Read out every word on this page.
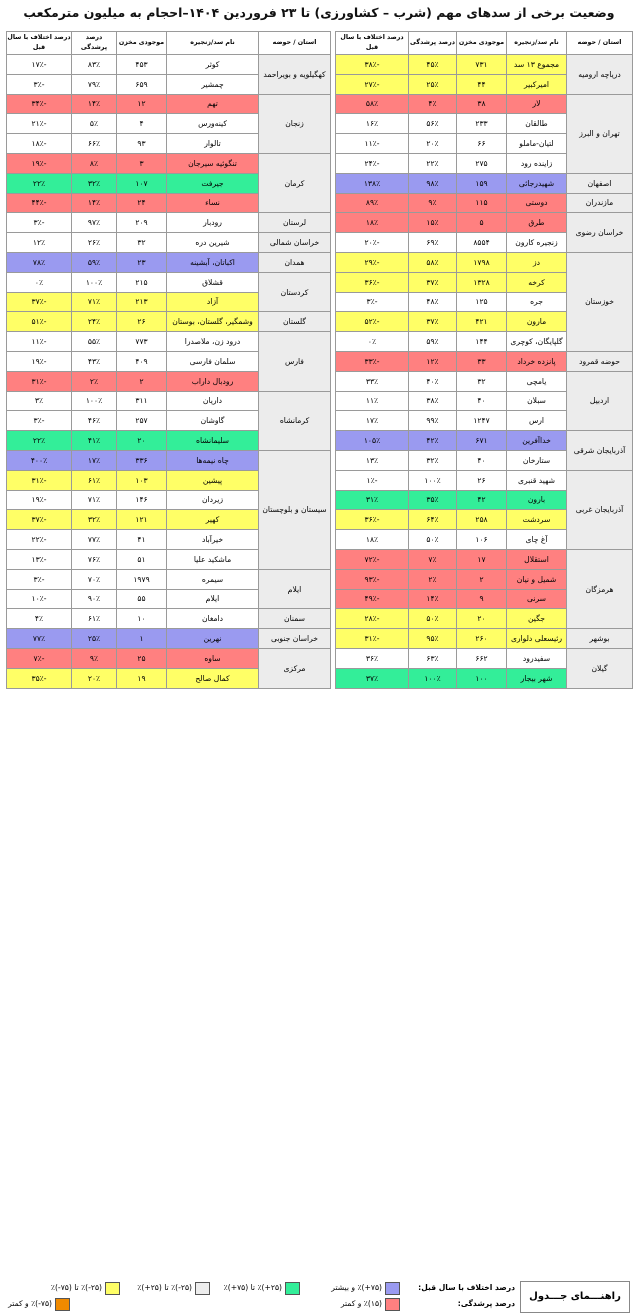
وضعیت برخی از سدهای مهم (شرب – کشاورزی) تا ۲۳ فروردین ۱۴۰۴–احجام به میلیون مترمکعب
استان / حوضه	نام سد/زنجیره	موجودی مخزن	درصد پرشدگی	درصد اختلاف با سال قبل
دریاچه ارومیه	مجموع ۱۳ سد	۷۳۱	۴۵٪	-۳۸٪
	امیرکبیر	۴۴	۲۵٪	-۲۷٪
تهران و البرز	لار	۳۸	۴٪	۵۸٪
	طالقان	۲۳۳	۵۶٪	۱۶٪
	لتیان-ماملو	۶۶	۲۰٪	-۱۱٪
	زاینده رود	۲۷۵	۲۲٪	-۲۴٪
اصفهان	شهیدرجائی	۱۵۹	۹۸٪	۱۳۸٪
مازندران	دوستی	۱۱۵	۹٪	۸۹٪
خراسان رضوی	طرق	۵	۱۵٪	۱۸٪
	زنجیره کارون	۸۵۵۴	۶۹٪	-۲۰٪
خوزستان	دز	۱۷۹۸	۵۸٪	-۲۹٪
	کرخه	۱۳۲۸	۳۷٪	-۳۶٪
	جره	۱۲۵	۴۸٪	-۳٪
	مارون	۴۲۱	۳۷٪	-۵۲٪
	گلپایگان، کوچری	۱۴۴	۵۹٪	۰٪
حوضه قمرود	پانزده خرداد	۳۳	۱۲٪	-۳۳٪
اردبیل	یامچی	۳۲	۴۰٪	۳۳٪
	سبلان	۴۰	۳۸٪	۱۱٪
	ارس	۱۲۴۷	۹۹٪	۱۷٪
آذربایجان شرقی	خداآفرین	۶۷۱	۴۲٪	۱۰۵٪
	ستارخان	۴۰	۳۲٪	۱۳٪
آذربایجان غربی	شهید قنبری	۲۶	۱۰۰٪	-۱٪
	بارون	۴۲	۳۵٪	۳۱٪
	سردشت	۲۵۸	۶۴٪	-۳۶٪
	آغ چای	۱۰۶	۵۰٪	۱۸٪
هرمزگان	استقلال	۱۷	۷٪	-۷۲٪
	شمیل و نیان	۲	۲٪	-۹۳٪
	سرنی	۹	۱۴٪	-۴۹٪
	جگین	۲۰	۵۰٪	-۲۸٪
بوشهر	رئیسعلی دلواری	۲۶۰	۹۵٪	-۳۱٪
گیلان	سفیدرود	۶۶۲	۶۳٪	۳۶٪
	شهر بیجار	۱۰۰	۱۰۰٪	۳۷٪
استان / حوضه	نام سد/زنجیره	موجودی مخزن	درصد پرشدگی	درصد اختلاف با سال قبل
کهگیلویه و بویراحمد	کوثر	۴۵۳	۸۳٪	-۱۷٪
	چمشیر	۶۵۹	۷۹٪	-۳٪
زنجان	تهم	۱۲	۱۴٪	-۳۴٪
	کینه‌ورس	۴	۵٪	-۲۱٪
	تالوار	۹۳	۶۶٪	-۱۸٪
کرمان	تنگوئیه سیرجان	۳	۸٪	-۱۹٪
	جیرفت	۱۰۷	۳۲٪	۲۲٪
	نساء	۲۴	۱۴٪	-۴۴٪
لرستان	رودبار	۲۰۹	۹۷٪	-۳٪
خراسان شمالی	شیرین دره	۳۲	۲۶٪	۱۲٪
همدان	اکباتان، آبشینه	۲۳	۵۹٪	۷۸٪
کردستان	قشلاق	۲۱۵	۱۰۰٪	۰٪
	آزاد	۲۱۳	۷۱٪	-۳۷٪
گلستان	وشمگیر، گلستان، بوستان	۲۶	۲۴٪	-۵۱٪
فارس	درود زن، ملاصدرا	۷۷۳	۵۵٪	-۱۱٪
	سلمان فارسی	۴۰۹	۴۳٪	-۱۹٪
	رودبال داراب	۲	۲٪	-۳۱٪
کرمانشاه	داریان	۳۱۱	۱۰۰٪	۳٪
	گاوشان	۲۵۷	۴۶٪	-۳٪
	سلیمانشاه	۲۰	۴۱٪	۲۲٪
سیستان و بلوچستان	چاه نیمه‌ها	۳۳۶	۱۷٪	۴۰۰٪
	پیشین	۱۰۳	۶۱٪	-۳۱٪
	زیردان	۱۴۶	۷۱٪	-۱۹٪
	کهیر	۱۲۱	۳۲٪	-۳۷٪
	خیرآباد	۴۱	۷۷٪	-۲۲٪
	ماشکید علیا	۵۱	۷۶٪	-۱۳٪
ایلام	سیمره	۱۹۷۹	۷۰٪	-۳٪
	ایلام	۵۵	۹۰٪	-۱۰٪
سمنان	دامغان	۱۰	۶۱٪	۴٪
خراسان جنوبی	نهرین	۱	۲۵٪	۷۷٪
مرکزی	ساوه	۲۵	۹٪	-۷٪
	کمال صالح	۱۹	۲۰٪	-۳۵٪
راهنـــمای جـــدول
درصد اختلاف با سال قبل:
درصد پرشدگی:
(۷۵+)٪ و بیشتر
(۱۵)٪ و کمتر
(۲۵+)٪ تا (۷۵+)٪
(۲۵-)٪ تا (۲۵+)٪
(۲۵-)٪ تا (۷۵-)٪
(۷۵-)٪ و کمتر
